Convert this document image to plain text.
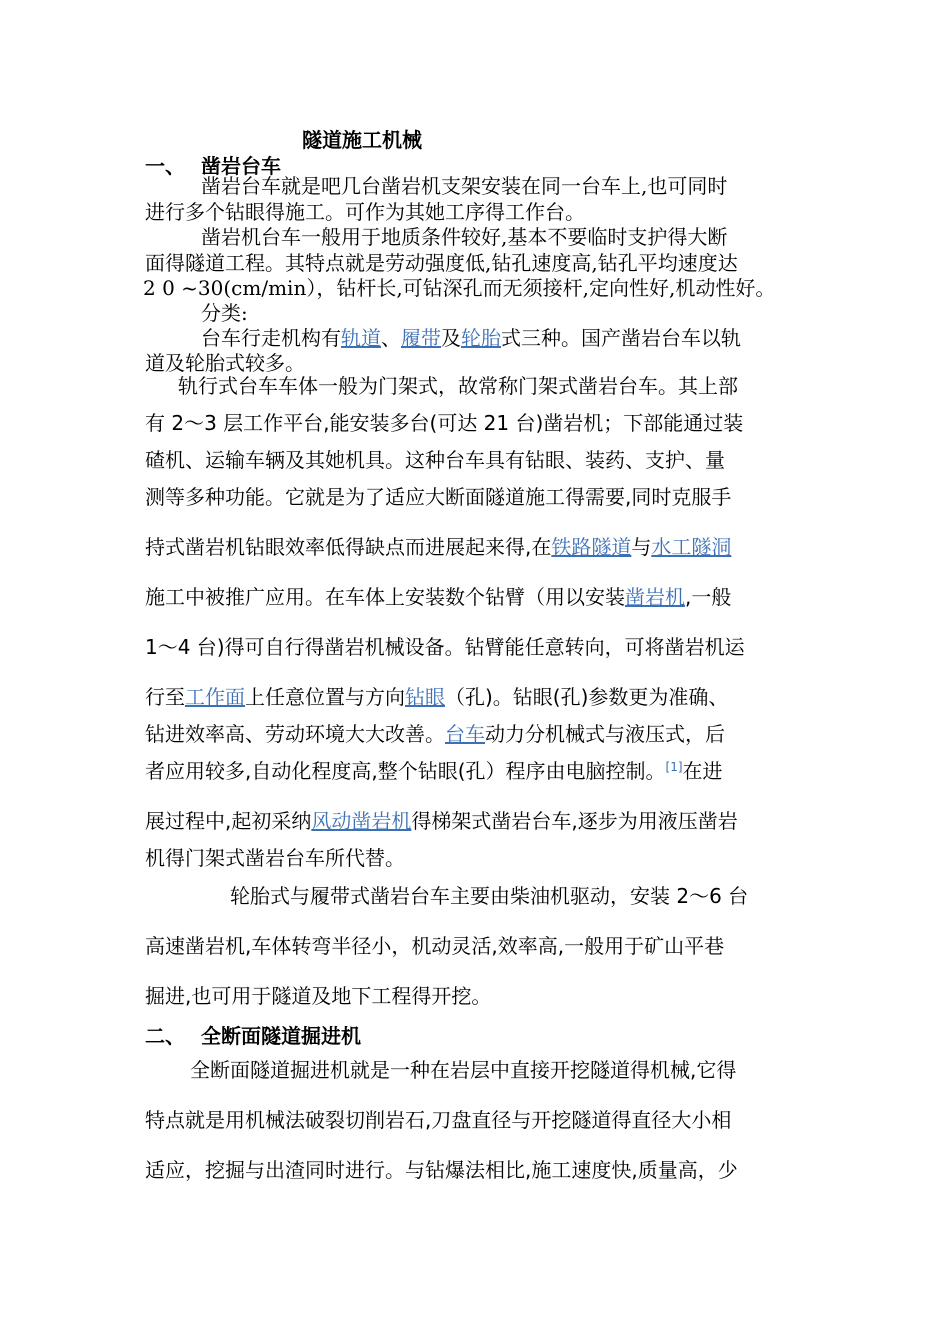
隧道施工机械
一、 凿岩台车
凿岩台车就是吧几台凿岩机支架安装在同一台车上,也可同时
进行多个钻眼得施工。可作为其她工序得工作台。
凿岩机台车一般用于地质条件较好,基本不要临时支护得大断
面得隧道工程。其特点就是劳动强度低,钻孔速度高,钻孔平均速度达
2 0 ~30(cm/min），钻杆长,可钻深孔而无须接杆,定向性好,机动性好。
分类:
台车行走机构有轨道、履带及轮胎式三种。国产凿岩台车以轨
道及轮胎式较多。
轨行式台车车体一般为门架式，故常称门架式凿岩台车。其上部
有 2～3 层工作平台,能安装多台(可达 21 台)凿岩机；下部能通过装
碴机、运输车辆及其她机具。这种台车具有钻眼、装药、支护、量
测等多种功能。它就是为了适应大断面隧道施工得需要,同时克服手
持式凿岩机钻眼效率低得缺点而进展起来得,在铁路隧道与水工隧洞
施工中被推广应用。在车体上安装数个钻臂（用以安装凿岩机,一般
1～4 台)得可自行得凿岩机械设备。钻臂能任意转向，可将凿岩机运
行至工作面上任意位置与方向钻眼（孔)。钻眼(孔)参数更为准确、
钻进效率高、劳动环境大大改善。台车动力分机械式与液压式，后
者应用较多,自动化程度高,整个钻眼(孔）程序由电脑控制。[1]在进
展过程中,起初采纳风动凿岩机得梯架式凿岩台车,逐步为用液压凿岩
机得门架式凿岩台车所代替。
轮胎式与履带式凿岩台车主要由柴油机驱动，安装 2～6 台
高速凿岩机,车体转弯半径小，机动灵活,效率高,一般用于矿山平巷
掘进,也可用于隧道及地下工程得开挖。
二、 全断面隧道掘进机
全断面隧道掘进机就是一种在岩层中直接开挖隧道得机械,它得
特点就是用机械法破裂切削岩石,刀盘直径与开挖隧道得直径大小相
适应，挖掘与出渣同时进行。与钻爆法相比,施工速度快,质量高，少
